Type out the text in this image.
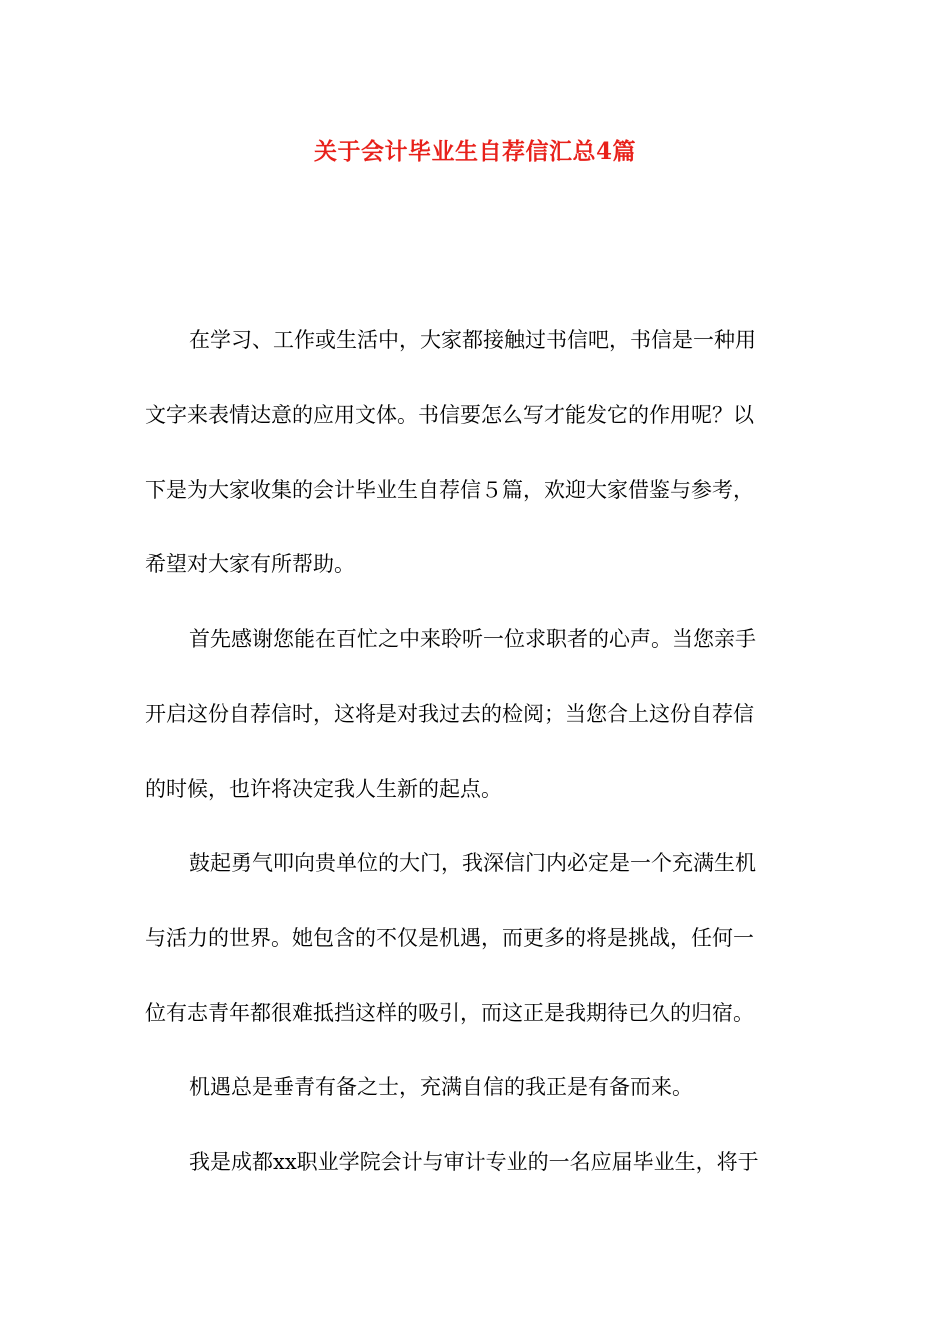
关于会计毕业生自荐信汇总4篇
在学习、工作或生活中，大家都接触过书信吧，书信是一种用
文字来表情达意的应用文体。书信要怎么写才能发它的作用呢？以
下是为大家收集的会计毕业生自荐信５篇，欢迎大家借鉴与参考，
希望对大家有所帮助。
首先感谢您能在百忙之中来聆听一位求职者的心声。当您亲手
开启这份自荐信时，这将是对我过去的检阅；当您合上这份自荐信
的时候，也许将决定我人生新的起点。
鼓起勇气叩向贵单位的大门，我深信门内必定是一个充满生机
与活力的世界。她包含的不仅是机遇，而更多的将是挑战，任何一
位有志青年都很难抵挡这样的吸引，而这正是我期待已久的归宿。
机遇总是垂青有备之士，充满自信的我正是有备而来。
我是成都xx职业学院会计与审计专业的一名应届毕业生，将于
